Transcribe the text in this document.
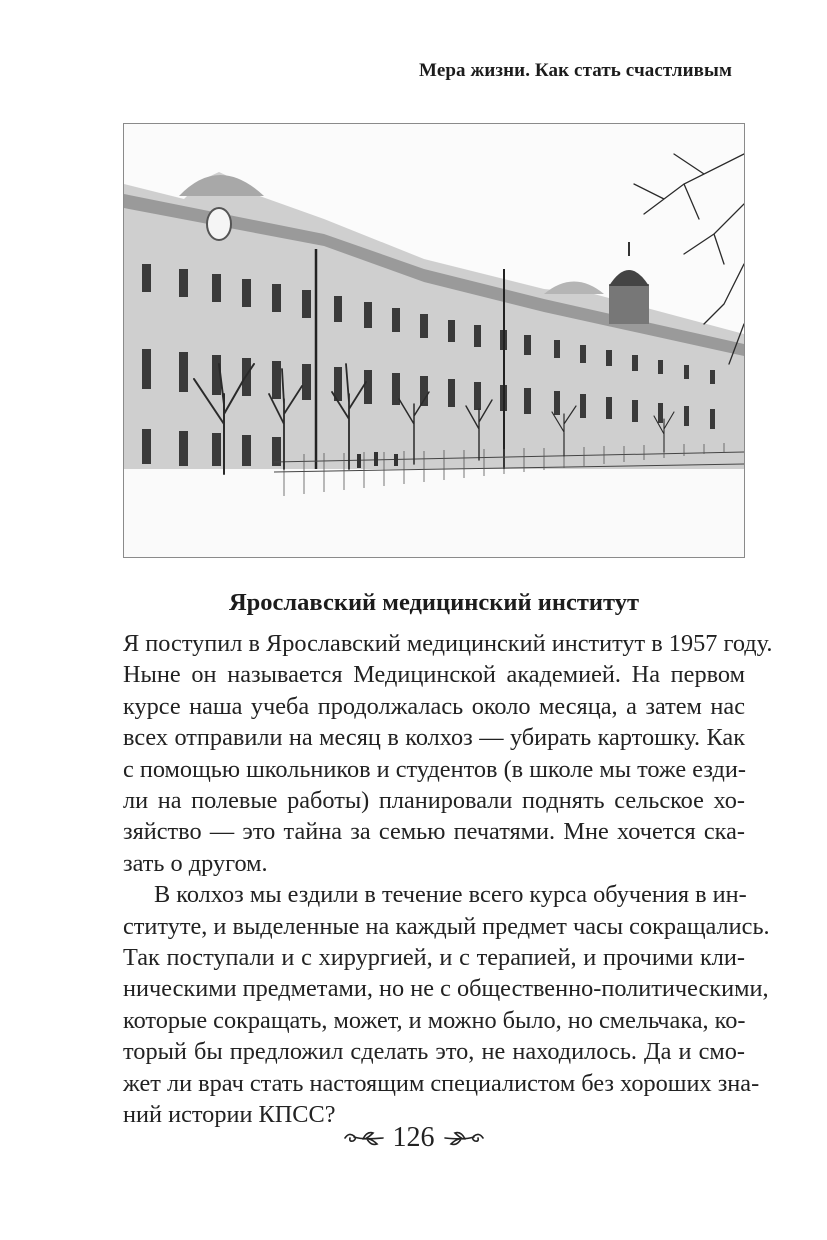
Мера жизни. Как стать счастливым
Ярославский медицинский институт
Я поступил в Ярославский медицинский институт в 1957 году.
Ныне он называется Медицинской академией. На первом
курсе наша учеба продолжалась около месяца, а затем нас
всех отправили на месяц в колхоз — убирать картошку. Как
с помощью школьников и студентов (в школе мы тоже езди-
ли на полевые работы) планировали поднять сельское хо-
зяйство — это тайна за семью печатями. Мне хочется ска-
зать о другом.
В колхоз мы ездили в течение всего курса обучения в ин-
ституте, и выделенные на каждый предмет часы сокращались.
Так поступали и с хирургией, и с терапией, и прочими кли-
ническими предметами, но не с общественно-политическими,
которые сокращать, может, и можно было, но смельчака, ко-
торый бы предложил сделать это, не находилось. Да и смо-
жет ли врач стать настоящим специалистом без хороших зна-
ний истории КПСС?
126
